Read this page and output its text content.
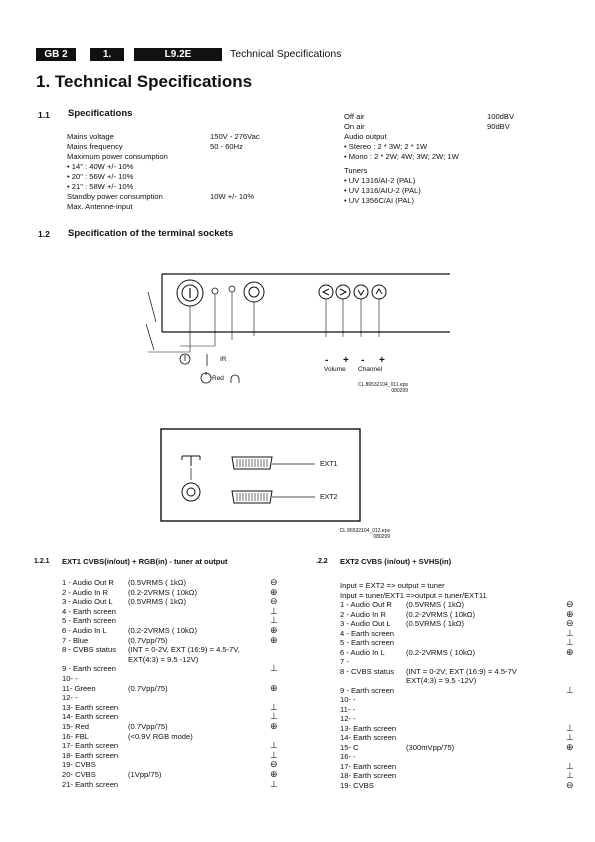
GB 2	1.	L9.2E	Technical Specifications
1. Technical Specifications
1.1 Specifications
Mains voltage	150V - 276Vac
Mains frequency	50 - 60Hz
Maximum power consumption
• 14" : 40W +/- 10%
• 20" : 56W +/- 10%
• 21" : 58W +/- 10%
Standby power consumption	10W +/- 10%
Max. Antenne-input
Off air	100dBV
On air	90dBV
Audio output
• Stereo : 2 * 3W; 2 * 1W
• Mono : 2 * 2W; 4W; 3W; 2W; 1W
Tuners
• UV 1316/AI-2 (PAL)
• UV 1316/AIU-2 (PAL)
• UV 1356C/AI (PAL)
1.2 Specification of the terminal sockets
IR
Red
- + - +
Volume Channel
CL 86532104_011.eps
080299
EXT1
EXT2
CL 86532104_012.eps
080299
1.2.1 EXT1 CVBS(in/out) + RGB(in) - tuner at output
1 - Audio Out R (0.5VRMS ( 1kΩ)	⊖
2 - Audio In R	(0.2-2VRMS ( 10kΩ)	⊕
3 - Audio Out L (0.5VRMS ( 1kΩ)	⊖
4 - Earth screen	⊥
5 - Earth screen	⊥
6 - Audio In L	(0.2-2VRMS ( 10kΩ)	⊕
7 - Blue	(0.7Vpp/75)	⊕
8 - CVBS status (INT = 0-2V, EXT (16:9) = 4.5-7V,
EXT(4:3) = 9.5 -12V)
9 - Earth screen	⊥
10- -
11- Green	(0.7Vpp/75)	⊕
12- -
13- Earth screen	⊥
14- Earth screen	⊥
15- Red	(0.7Vpp/75)	⊕
16- FBL	(<0.9V RGB mode)
17- Earth screen	⊥
18- Earth screen	⊥
19- CVBS	⊖
20- CVBS	(1Vpp/75)	⊕
21- Earth screen	⊥
.2.2 EXT2 CVBS (in/out) + SVHS(in)
Input = EXT2 => output = tuner
Input = tuner/EXT1 =>output = tuner/EXT11
1 - Audio Out R (0.5VRMS ( 1kΩ)	⊖
2 - Audio In R	(0.2-2VRMS ( 10kΩ)	⊕
3 - Audio Out L (0.5VRMS ( 1kΩ)	⊖
4 - Earth screen	⊥
5 - Earth screen	⊥
6 - Audio In L	(0.2-2VRMS ( 10kΩ)	⊕
7 -
8 - CVBS status (INT = 0-2V; EXT (16:9) = 4.5-7V
EXT(4:3) = 9.5 -12V)
9 - Earth screen	⊥
10- -
11- -
12- -
13- Earth screen	⊥
14- Earth screen	⊥
15- C	(300mVpp/75)	⊕
16- -
17- Earth screen	⊥
18- Earth screen	⊥
19- CVBS	⊖
